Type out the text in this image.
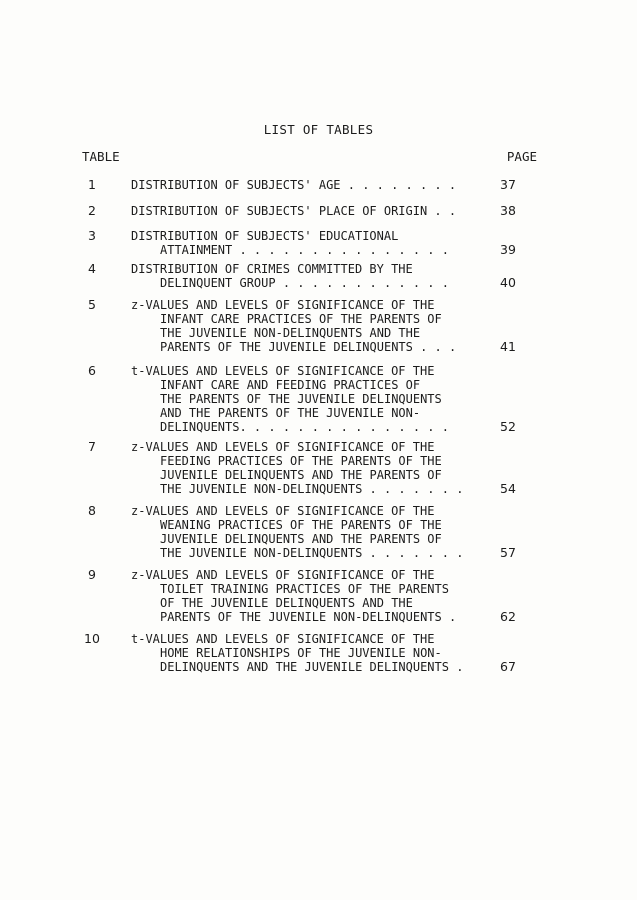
LIST OF TABLES
TABLE	PAGE
1	DISTRIBUTION OF SUBJECTS' AGE . . . . . . . .	37
2	DISTRIBUTION OF SUBJECTS' PLACE OF ORIGIN . .	38
3	DISTRIBUTION OF SUBJECTS' EDUCATIONAL
ATTAINMENT . . . . . . . . . . . . . . .	39
4	DISTRIBUTION OF CRIMES COMMITTED BY THE
DELINQUENT GROUP . . . . . . . . . . . .	40
5	z-VALUES AND LEVELS OF SIGNIFICANCE OF THE
INFANT CARE PRACTICES OF THE PARENTS OF
THE JUVENILE NON-DELINQUENTS AND THE
PARENTS OF THE JUVENILE DELINQUENTS . . .	41
6	t-VALUES AND LEVELS OF SIGNIFICANCE OF THE
INFANT CARE AND FEEDING PRACTICES OF
THE PARENTS OF THE JUVENILE DELINQUENTS
AND THE PARENTS OF THE JUVENILE NON-
DELINQUENTS. . . . . . . . . . . . . . .	52
7	z-VALUES AND LEVELS OF SIGNIFICANCE OF THE
FEEDING PRACTICES OF THE PARENTS OF THE
JUVENILE DELINQUENTS AND THE PARENTS OF
THE JUVENILE NON-DELINQUENTS . . . . . . .	54
8	z-VALUES AND LEVELS OF SIGNIFICANCE OF THE
WEANING PRACTICES OF THE PARENTS OF THE
JUVENILE DELINQUENTS AND THE PARENTS OF
THE JUVENILE NON-DELINQUENTS . . . . . . .	57
9	z-VALUES AND LEVELS OF SIGNIFICANCE OF THE
TOILET TRAINING PRACTICES OF THE PARENTS
OF THE JUVENILE DELINQUENTS AND THE
PARENTS OF THE JUVENILE NON-DELINQUENTS .	62
10	t-VALUES AND LEVELS OF SIGNIFICANCE OF THE
HOME RELATIONSHIPS OF THE JUVENILE NON-
DELINQUENTS AND THE JUVENILE DELINQUENTS .	67
